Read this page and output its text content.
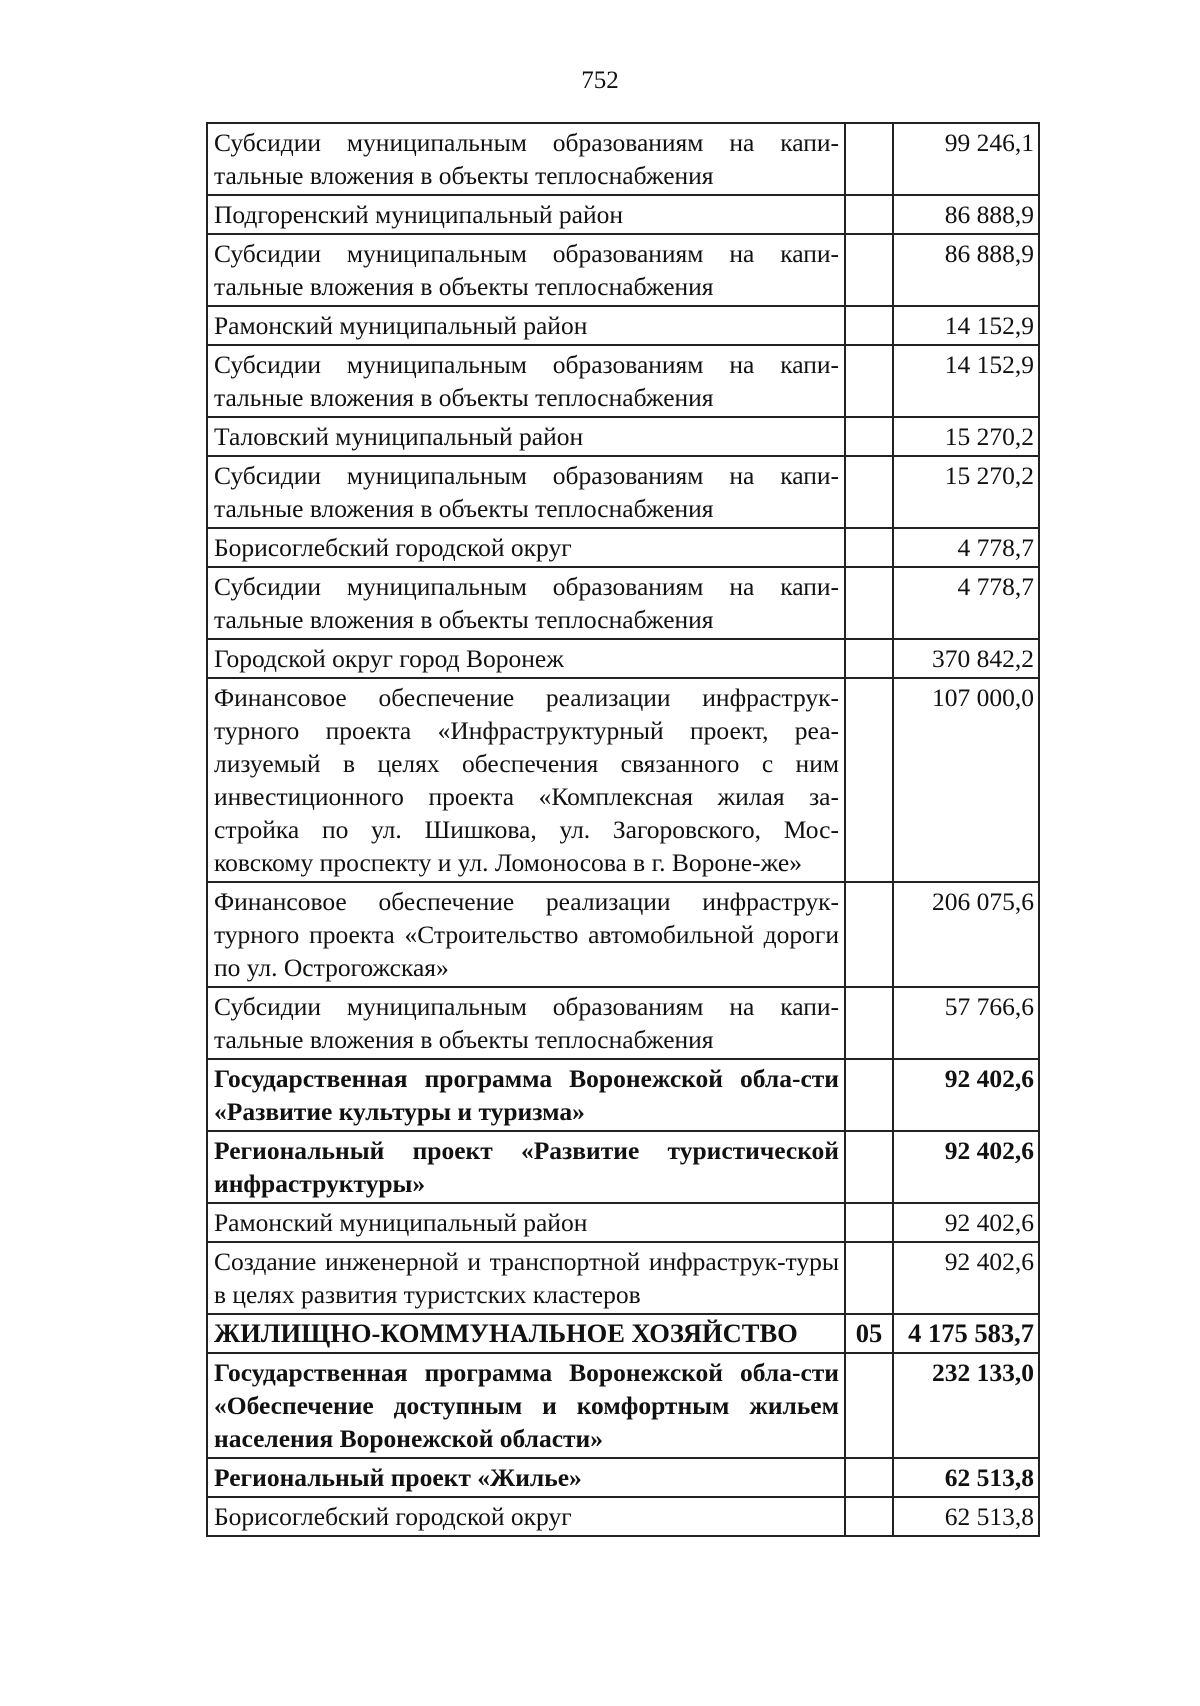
752
Субсидии муниципальным образованиям на капи-тальные вложения в объекты теплоснабжения		99 246,1
Подгоренский муниципальный район		86 888,9
Субсидии муниципальным образованиям на капи-тальные вложения в объекты теплоснабжения		86 888,9
Рамонский муниципальный район		14 152,9
Субсидии муниципальным образованиям на капи-тальные вложения в объекты теплоснабжения		14 152,9
Таловский муниципальный район		15 270,2
Субсидии муниципальным образованиям на капи-тальные вложения в объекты теплоснабжения		15 270,2
Борисоглебский городской округ		4 778,7
Субсидии муниципальным образованиям на капи-тальные вложения в объекты теплоснабжения		4 778,7
Городской округ город Воронеж		370 842,2
Финансовое обеспечение реализации инфраструк-турного проекта «Инфраструктурный проект, реа-лизуемый в целях обеспечения связанного с ним инвестиционного проекта «Комплексная жилая за-стройка по ул. Шишкова, ул. Загоровского, Мос-ковскому проспекту и ул. Ломоносова в г. Вороне-же»		107 000,0
Финансовое обеспечение реализации инфраструк-турного проекта «Строительство автомобильной дороги по ул. Острогожская»		206 075,6
Субсидии муниципальным образованиям на капи-тальные вложения в объекты теплоснабжения		57 766,6
Государственная программа Воронежской обла-сти «Развитие культуры и туризма»		92 402,6
Региональный проект «Развитие туристической инфраструктуры»		92 402,6
Рамонский муниципальный район		92 402,6
Создание инженерной и транспортной инфраструк-туры в целях развития туристских кластеров		92 402,6
ЖИЛИЩНО-КОММУНАЛЬНОЕ ХОЗЯЙСТВО	05	4 175 583,7
Государственная программа Воронежской обла-сти «Обеспечение доступным и комфортным жильем населения Воронежской области»		232 133,0
Региональный проект «Жилье»		62 513,8
Борисоглебский городской округ		62 513,8
